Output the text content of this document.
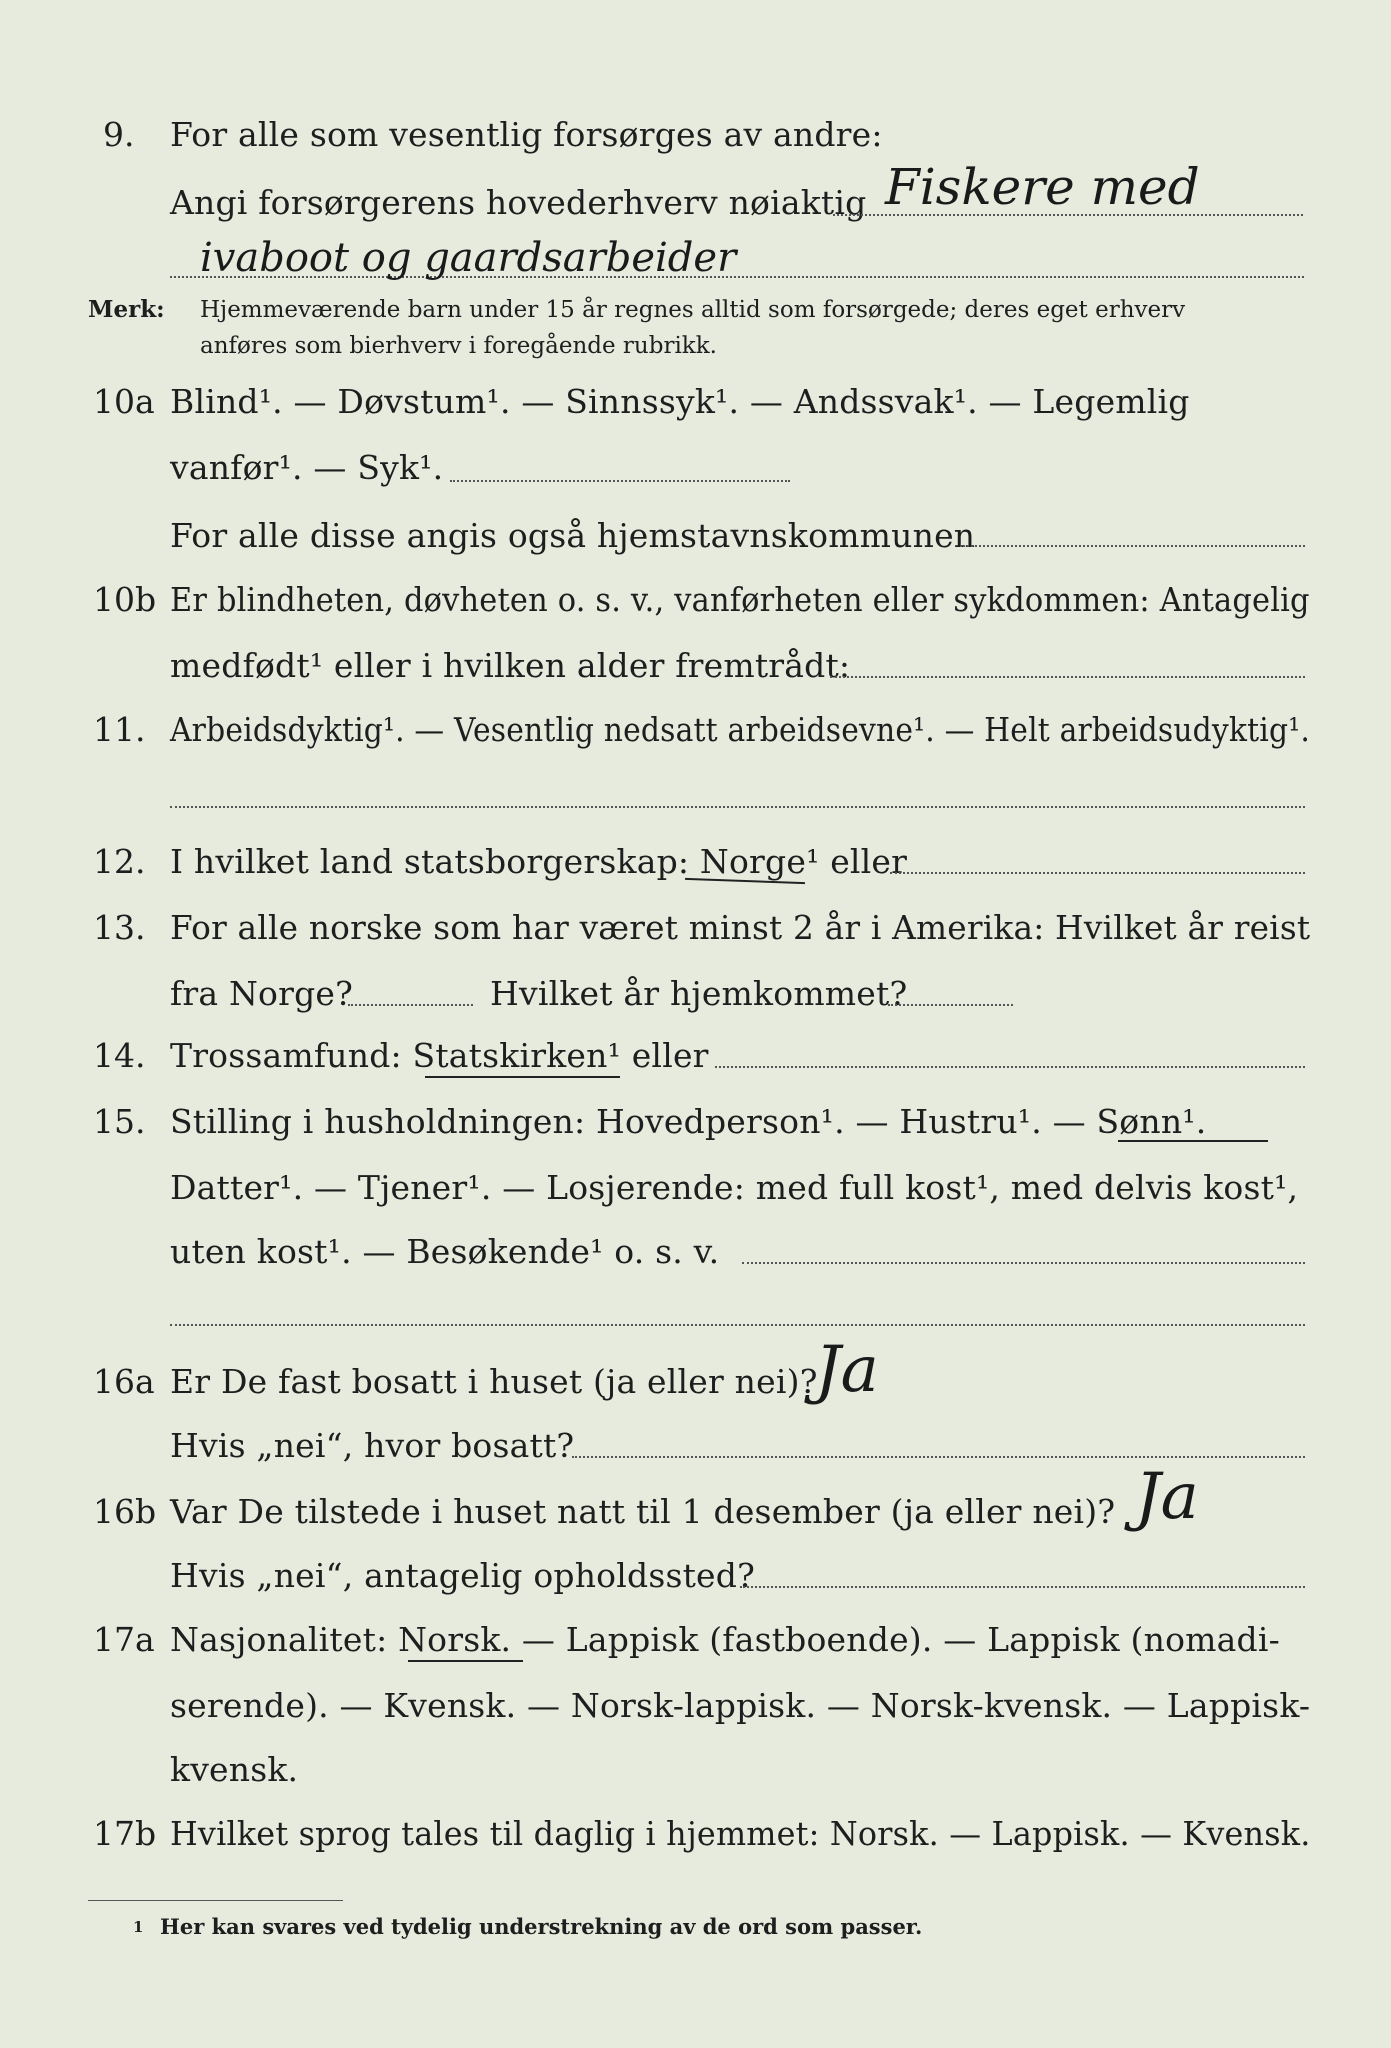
9. For alle som vesentlig forsørges av andre:
Angi forsørgerens hovederhverv nøiaktig Fiskere med
ivaboot og gaardsarbeider
Merk: Hjemmeværende barn under 15 år regnes alltid som forsørgede; deres eget erhverv
anføres som bierhverv i foregående rubrikk.
10a Blind¹. — Døvstum¹. — Sinnssyk¹. — Andssvak¹. — Legemlig
vanfør¹. — Syk¹.
For alle disse angis også hjemstavnskommunen
10b Er blindheten, døvheten o. s. v., vanførheten eller sykdommen: Antagelig
medfødt¹ eller i hvilken alder fremtrådt:
11. Arbeidsdyktig¹. — Vesentlig nedsatt arbeidsevne¹. — Helt arbeidsudyktig¹.
12. I hvilket land statsborgerskap: Norge¹ eller
13. For alle norske som har været minst 2 år i Amerika: Hvilket år reist
fra Norge?	Hvilket år hjemkommet?
14. Trossamfund: Statskirken¹ eller
15. Stilling i husholdningen: Hovedperson¹. — Hustru¹. — Sønn¹.
Datter¹. — Tjener¹. — Losjerende: med full kost¹, med delvis kost¹,
uten kost¹. — Besøkende¹ o. s. v.
16a Er De fast bosatt i huset (ja eller nei)?
Ja
Hvis „nei“, hvor bosatt?
16b Var De tilstede i huset natt til 1 desember (ja eller nei)? Ja
Hvis „nei“, antagelig opholdssted?
17a Nasjonalitet: Norsk. — Lappisk (fastboende). — Lappisk (nomadi-
serende). — Kvensk. — Norsk-lappisk. — Norsk-kvensk. — Lappisk-
kvensk.
17b Hvilket sprog tales til daglig i hjemmet: Norsk. — Lappisk. — Kvensk.
1 Her kan svares ved tydelig understrekning av de ord som passer.
